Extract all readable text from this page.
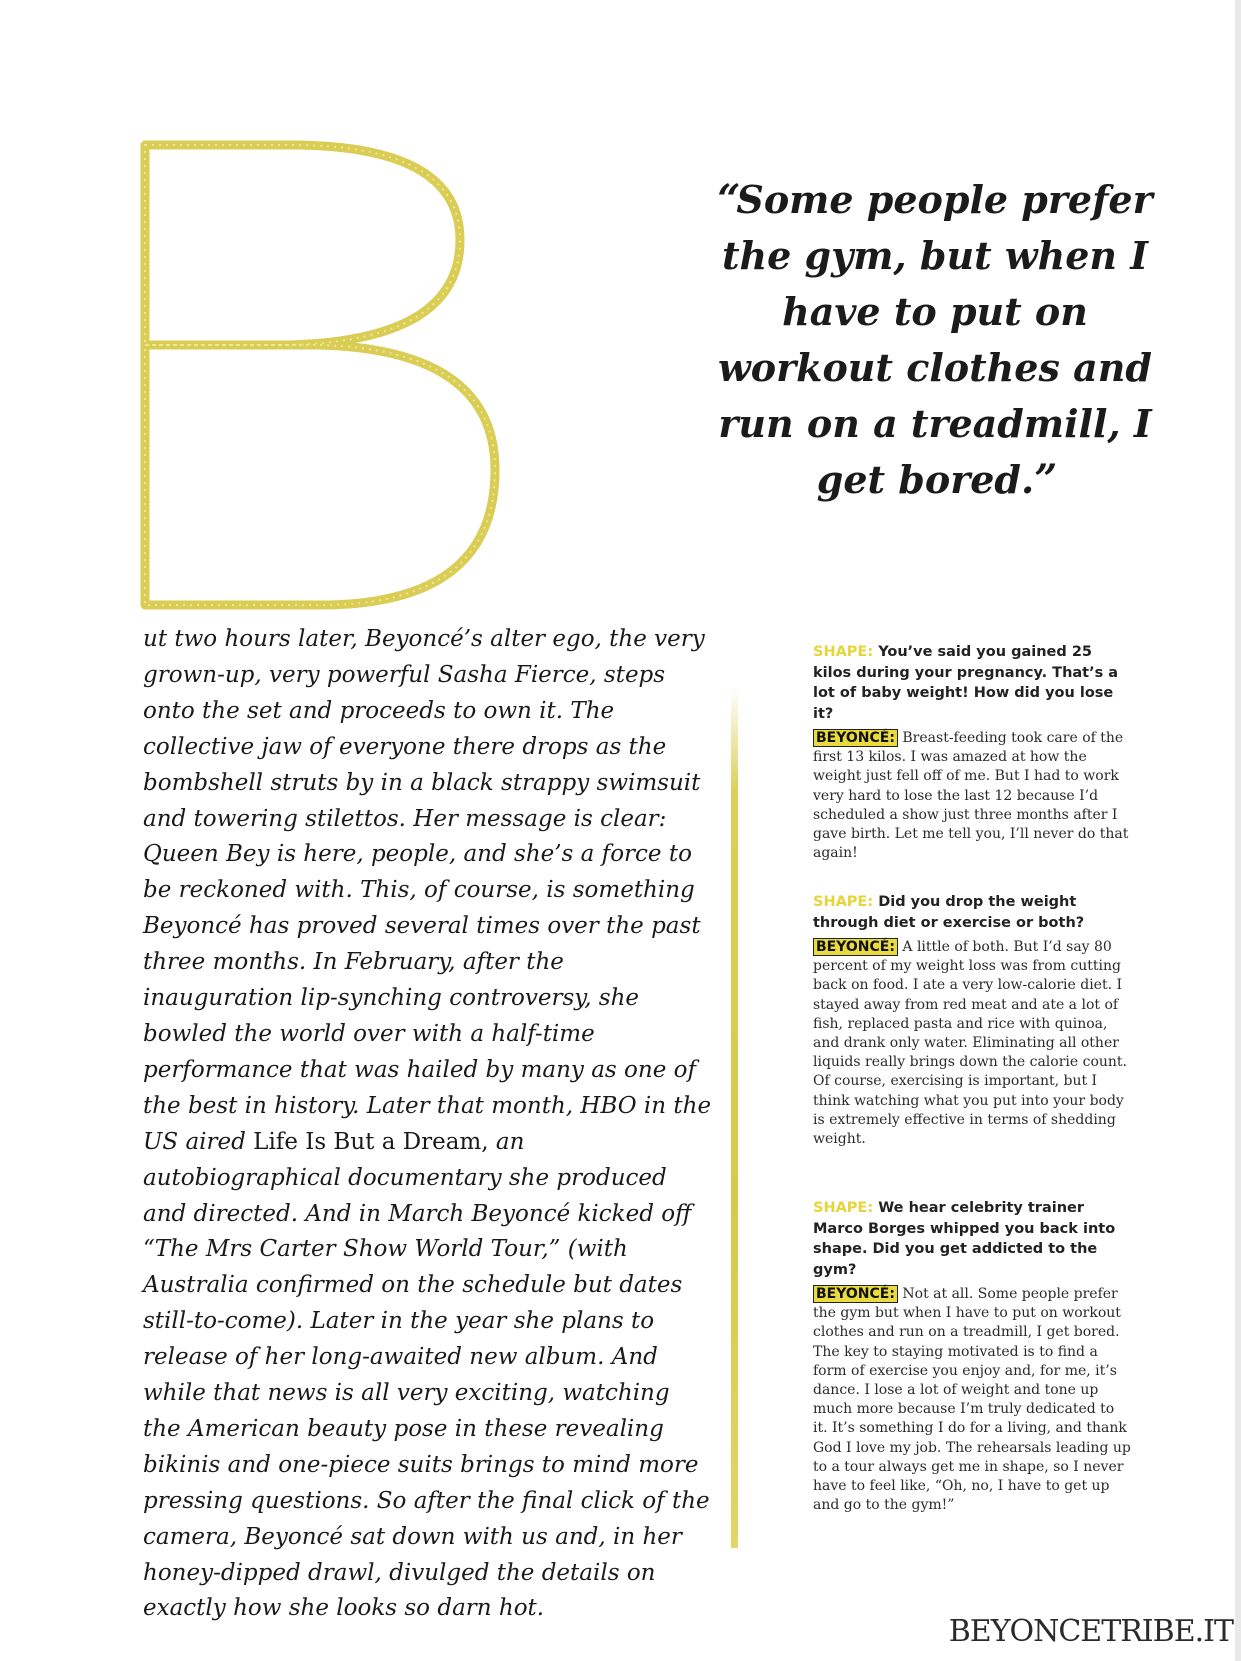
“Some people prefer the gym, but when I have to put on workout clothes and run on a treadmill, I get bored.”

ut two hours later, Beyoncé’s alter ego, the very grown-up, very powerful Sasha Fierce, steps onto the set and proceeds to own it. The collective jaw of everyone there drops as the bombshell struts by in a black strappy swimsuit and towering stilettos. Her message is clear: Queen Bey is here, people, and she’s a force to be reckoned with. This, of course, is something Beyoncé has proved several times over the past three months. In February, after the inauguration lip-synching controversy, she bowled the world over with a half-time performance that was hailed by many as one of the best in history. Later that month, HBO in the US aired Life Is But a Dream, an autobiographical documentary she produced and directed. And in March Beyoncé kicked off “The Mrs Carter Show World Tour,” (with Australia confirmed on the schedule but dates still-to-come). Later in the year she plans to release of her long-awaited new album. And while that news is all very exciting, watching the American beauty pose in these revealing bikinis and one-piece suits brings to mind more pressing questions. So after the final click of the camera, Beyoncé sat down with us and, in her honey-dipped drawl, divulged the details on exactly how she looks so darn hot.

SHAPE: You’ve said you gained 25 kilos during your pregnancy. That’s a lot of baby weight! How did you lose it?

BEYONCÉ: Breast-feeding took care of the first 13 kilos. I was amazed at how the weight just fell off of me. But I had to work very hard to lose the last 12 because I’d scheduled a show just three months after I gave birth. Let me tell you, I’ll never do that again!

SHAPE: Did you drop the weight through diet or exercise or both?

BEYONCÉ: A little of both. But I’d say 80 percent of my weight loss was from cutting back on food. I ate a very low-calorie diet. I stayed away from red meat and ate a lot of fish, replaced pasta and rice with quinoa, and drank only water. Eliminating all other liquids really brings down the calorie count. Of course, exercising is important, but I think watching what you put into your body is extremely effective in terms of shedding weight.

SHAPE: We hear celebrity trainer Marco Borges whipped you back into shape. Did you get addicted to the gym?

BEYONCÉ: Not at all. Some people prefer the gym but when I have to put on workout clothes and run on a treadmill, I get bored. The key to staying motivated is to find a form of exercise you enjoy and, for me, it’s dance. I lose a lot of weight and tone up much more because I’m truly dedicated to it. It’s something I do for a living, and thank God I love my job. The rehearsals leading up to a tour always get me in shape, so I never have to feel like, “Oh, no, I have to get up and go to the gym!”

BEYONCETRIBE.IT
